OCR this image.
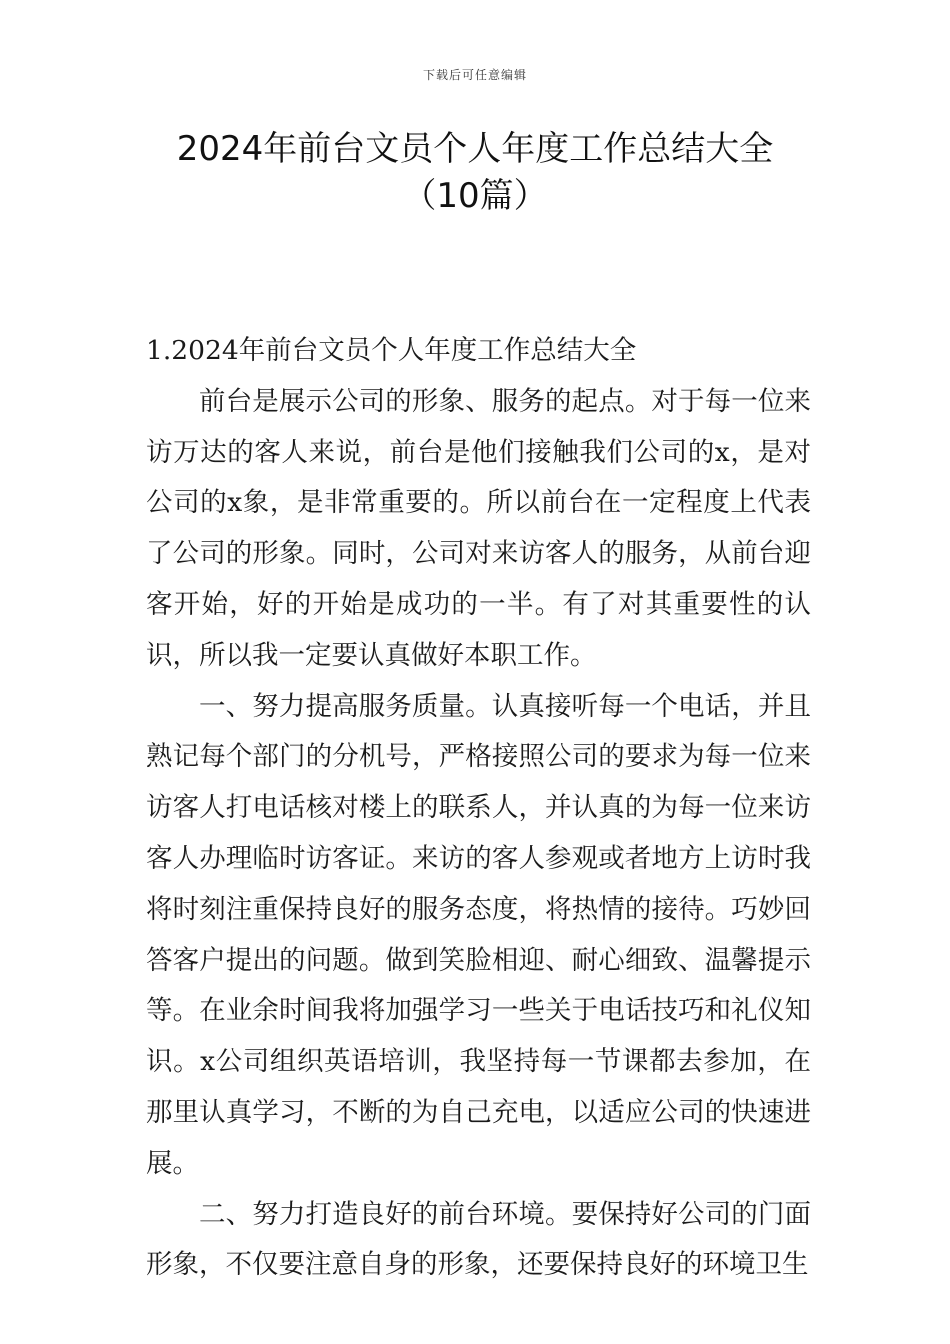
下载后可任意编辑
2024年前台文员个人年度工作总结大全
（10篇）

1.2024年前台文员个人年度工作总结大全

前台是展示公司的形象、服务的起点。对于每一位来访万达的客人来说，前台是他们接触我们公司的x，是对公司的x象，是非常重要的。所以前台在一定程度上代表了公司的形象。同时，公司对来访客人的服务，从前台迎客开始，好的开始是成功的一半。有了对其重要性的认识，所以我一定要认真做好本职工作。

一、努力提高服务质量。认真接听每一个电话，并且熟记每个部门的分机号，严格接照公司的要求为每一位来访客人打电话核对楼上的联系人，并认真的为每一位来访客人办理临时访客证。来访的客人参观或者地方上访时我将时刻注重保持良好的服务态度，将热情的接待。巧妙回答客户提出的问题。做到笑脸相迎、耐心细致、温馨提示等。在业余时间我将加强学习一些关于电话技巧和礼仪知识。x公司组织英语培训，我坚持每一节课都去参加，在那里认真学习，不断的为自己充电，以适应公司的快速进展。

二、努力打造良好的前台环境。要保持好公司的门面形象，不仅要注意自身的形象，还要保持良好的环境卫生
